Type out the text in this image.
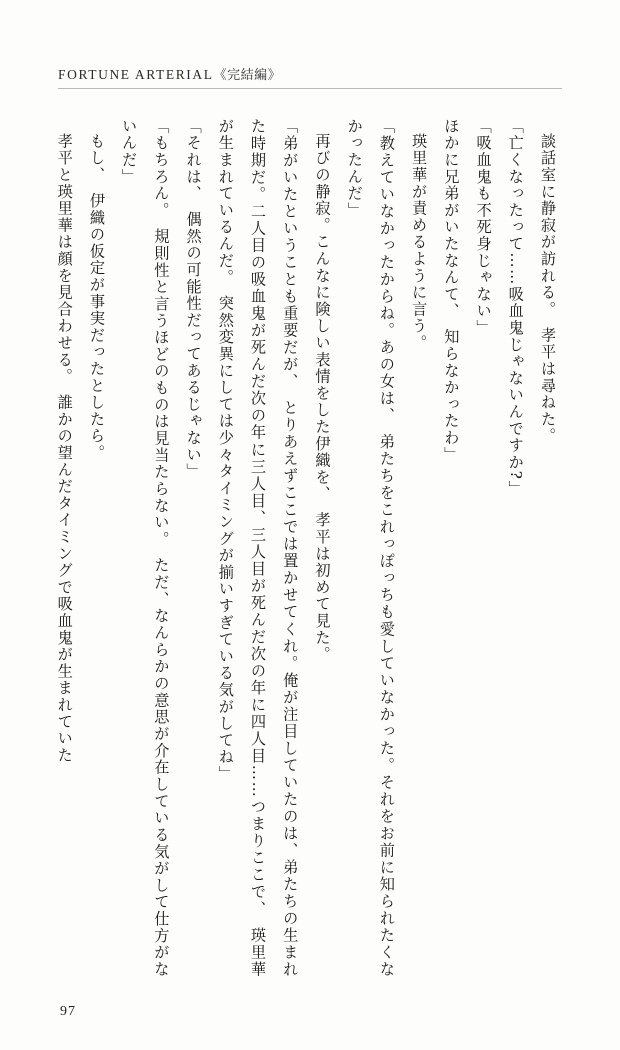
FORTUNE ARTERIAL《完結編》

談話室に静寂が訪れる。　孝平は尋ねた。

「亡くなったって……吸血鬼じゃないんですか?」

「吸血鬼も不死身じゃない」

ほかに兄弟がいたなんて、　知らなかったわ」

瑛里華が責めるように言う。

「教えていなかったからね。あの女は、　弟たちをこれっぽっちも愛していなかった。それをお前に知られたくなかったんだ」

再びの静寂。こんなに険しい表情をした伊織を、　孝平は初めて見た。

「弟がいたということも重要だが、　とりあえずここでは置かせてくれ。俺が注目していたのは、弟たちの生まれた時期だ。二人目の吸血鬼が死んだ次の年に三人目、三人目が死んだ次の年に四人目……つまりここで、　瑛里華が生まれているんだ。　突然変異にしては少々タイミングが揃いすぎている気がしてね」

「それは、　偶然の可能性だってあるじゃない」

「もちろん。　規則性と言うほどのものは見当たらない。　ただ、なんらかの意思が介在している気がして仕方がないんだ」

もし、　伊織の仮定が事実だったとしたら。

孝平と瑛里華は顔を見合わせる。　誰かの望んだタイミングで吸血鬼が生まれていた

97
